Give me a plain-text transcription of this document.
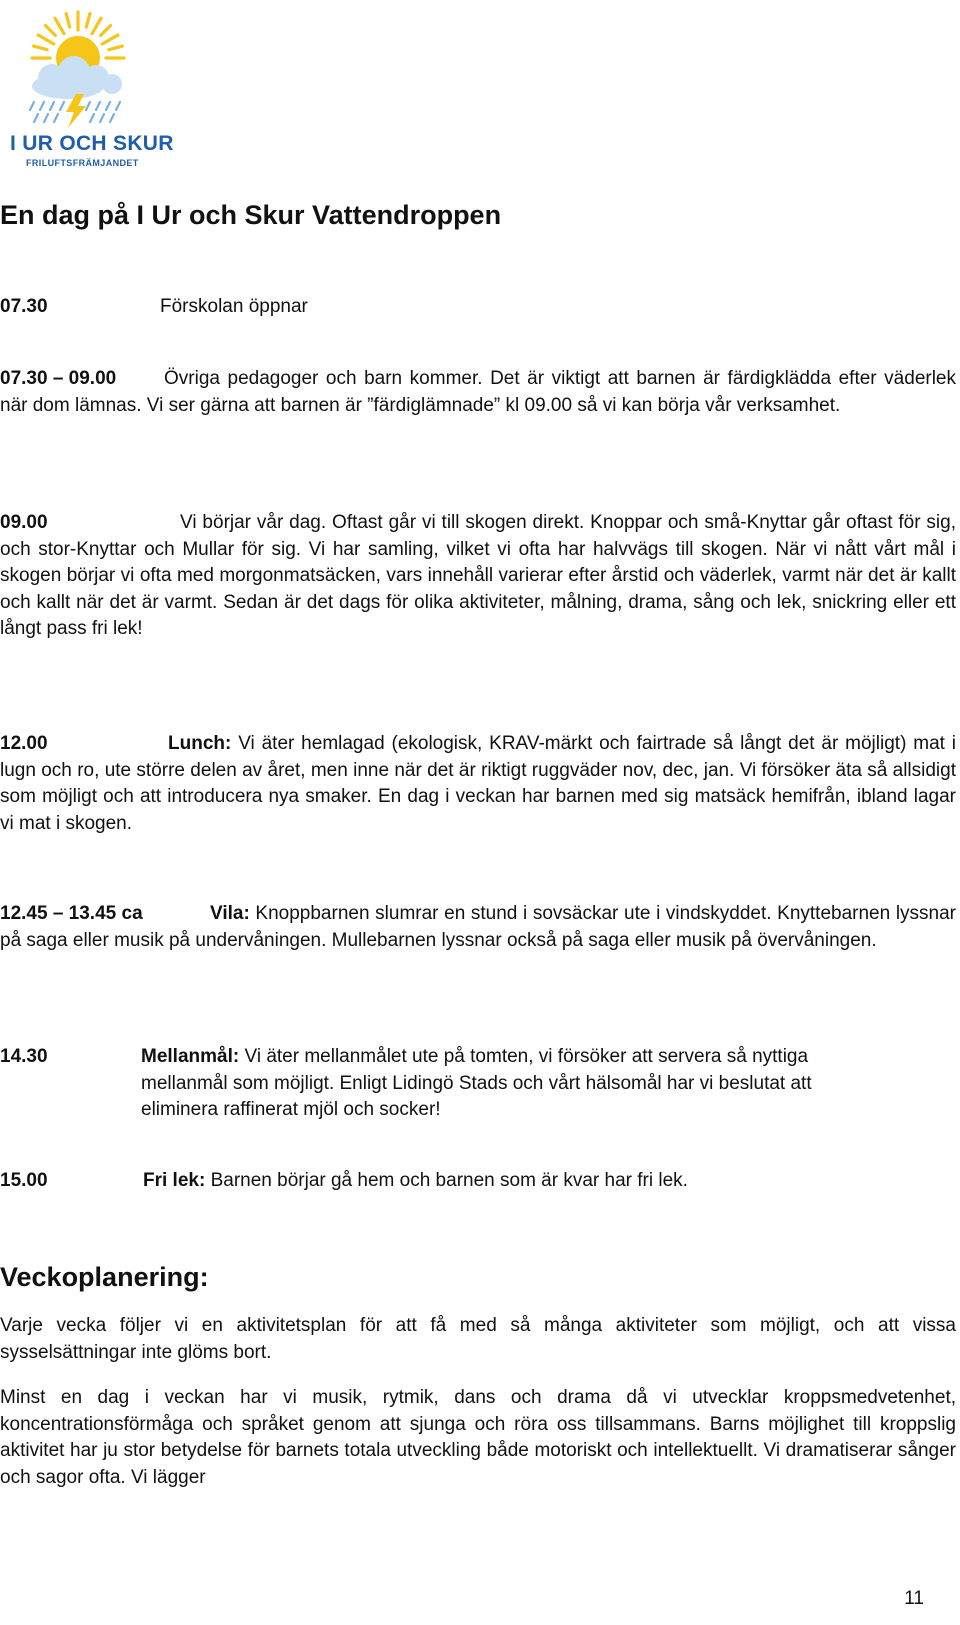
I UR OCH SKUR
FRILUFTSFRÄMJANDET
En dag på I Ur och Skur Vattendroppen
07.30	Förskolan öppnar
07.30 – 09.00	Övriga pedagoger och barn kommer. Det är viktigt att barnen är färdigklädda efter väderlek när dom lämnas. Vi ser gärna att barnen är ”färdiglämnade” kl 09.00 så vi kan börja vår verksamhet.
09.00	Vi börjar vår dag. Oftast går vi till skogen direkt. Knoppar och små-Knyttar går oftast för sig, och stor-Knyttar och Mullar för sig. Vi har samling, vilket vi ofta har halvvägs till skogen. När vi nått vårt mål i skogen börjar vi ofta med morgonmatsäcken, vars innehåll varierar efter årstid och väderlek, varmt när det är kallt och kallt när det är varmt. Sedan är det dags för olika aktiviteter, målning, drama, sång och lek, snickring eller ett långt pass fri lek!
12.00	Lunch: Vi äter hemlagad (ekologisk, KRAV-märkt och fairtrade så långt det är möjligt) mat i lugn och ro, ute större delen av året, men inne när det är riktigt ruggväder nov, dec, jan. Vi försöker äta så allsidigt som möjligt och att introducera nya smaker. En dag i veckan har barnen med sig matsäck hemifrån, ibland lagar vi mat i skogen.
12.45 – 13.45 ca	Vila: Knoppbarnen slumrar en stund i sovsäckar ute i vindskyddet. Knyttebarnen lyssnar på saga eller musik på undervåningen. Mullebarnen lyssnar också på saga eller musik på övervåningen.
14.30	Mellanmål: Vi äter mellanmålet ute på tomten, vi försöker att servera så nyttiga mellanmål som möjligt. Enligt Lidingö Stads och vårt hälsomål har vi beslutat att eliminera raffinerat mjöl och socker!
15.00	Fri lek: Barnen börjar gå hem och barnen som är kvar har fri lek.
Veckoplanering:

Varje vecka följer vi en aktivitetsplan för att få med så många aktiviteter som möjligt, och att vissa sysselsättningar inte glöms bort.

Minst en dag i veckan har vi musik, rytmik, dans och drama då vi utvecklar kroppsmedvetenhet, koncentrationsförmåga och språket genom att sjunga och röra oss tillsammans. Barns möjlighet till kroppslig aktivitet har ju stor betydelse för barnets totala utveckling både motoriskt och intellektuellt. Vi dramatiserar sånger och sagor ofta. Vi lägger

11
